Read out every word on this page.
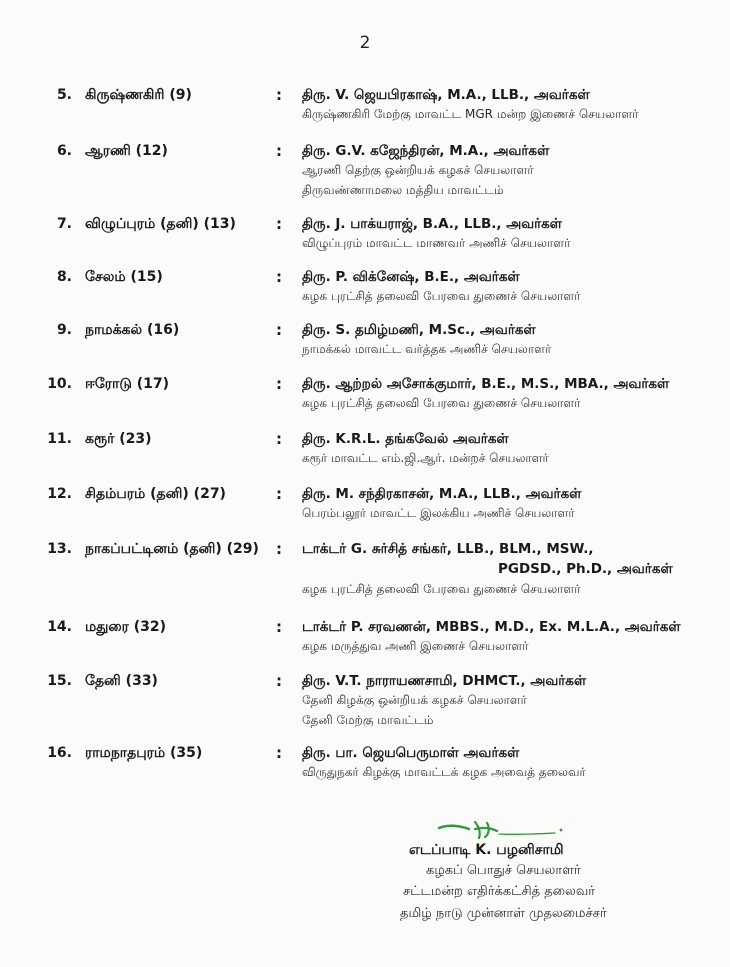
2
5. கிருஷ்ணகிரி (9)	: திரு. V. ஜெயபிரகாஷ், M.A., LLB., அவர்கள்
கிருஷ்ணகிரி மேற்கு மாவட்ட MGR மன்ற இணைச் செயலாளர்
6. ஆரணி (12)	: திரு. G.V. கஜேந்திரன், M.A., அவர்கள்
ஆரணி தெற்கு ஒன்றியக் கழகச் செயலாளர்
திருவண்ணாமலை மத்திய மாவட்டம்
7. விழுப்புரம் (தனி) (13)	: திரு. J. பாக்யராஜ், B.A., LLB., அவர்கள்
விழுப்புரம் மாவட்ட மாணவர் அணிச் செயலாளர்
8. சேலம் (15)	: திரு. P. விக்னேஷ், B.E., அவர்கள்
கழக புரட்சித் தலைவி பேரவை துணைச் செயலாளர்
9. நாமக்கல் (16)	: திரு. S. தமிழ்மணி, M.Sc., அவர்கள்
நாமக்கல் மாவட்ட வர்த்தக அணிச் செயலாளர்
10. ஈரோடு (17)	: திரு. ஆற்றல் அசோக்குமார், B.E., M.S., MBA., அவர்கள்
கழக புரட்சித் தலைவி பேரவை துணைச் செயலாளர்
11. கரூர் (23)	: திரு. K.R.L. தங்கவேல் அவர்கள்
கரூர் மாவட்ட எம்.ஜி.ஆர். மன்றச் செயலாளர்
12. சிதம்பரம் (தனி) (27)	: திரு. M. சந்திரகாசன், M.A., LLB., அவர்கள்
பெரம்பலூர் மாவட்ட இலக்கிய அணிச் செயலாளர்
13. நாகப்பட்டினம் (தனி) (29) : டாக்டர் G. சுர்சித் சங்கர், LLB., BLM., MSW.,
PGDSD., Ph.D., அவர்கள்
கழக புரட்சித் தலைவி பேரவை துணைச் செயலாளர்
14. மதுரை (32)	: டாக்டர் P. சரவணன், MBBS., M.D., Ex. M.L.A., அவர்கள்
கழக மருத்துவ அணி இணைச் செயலாளர்
15. தேனி (33)	: திரு. V.T. நாராயணசாமி, DHMCT., அவர்கள்
தேனி கிழக்கு ஒன்றியக் கழகச் செயலாளர்
தேனி மேற்கு மாவட்டம்
16. ராமநாதபுரம் (35)	: திரு. பா. ஜெயபெருமாள் அவர்கள்
விருதுநகர் கிழக்கு மாவட்டக் கழக அவைத் தலைவர்
எடப்பாடி K. பழனிசாமி
கழகப் பொதுச் செயலாளர்
சட்டமன்ற எதிர்க்கட்சித் தலைவர்
தமிழ் நாடு முன்னாள் முதலமைச்சர்
